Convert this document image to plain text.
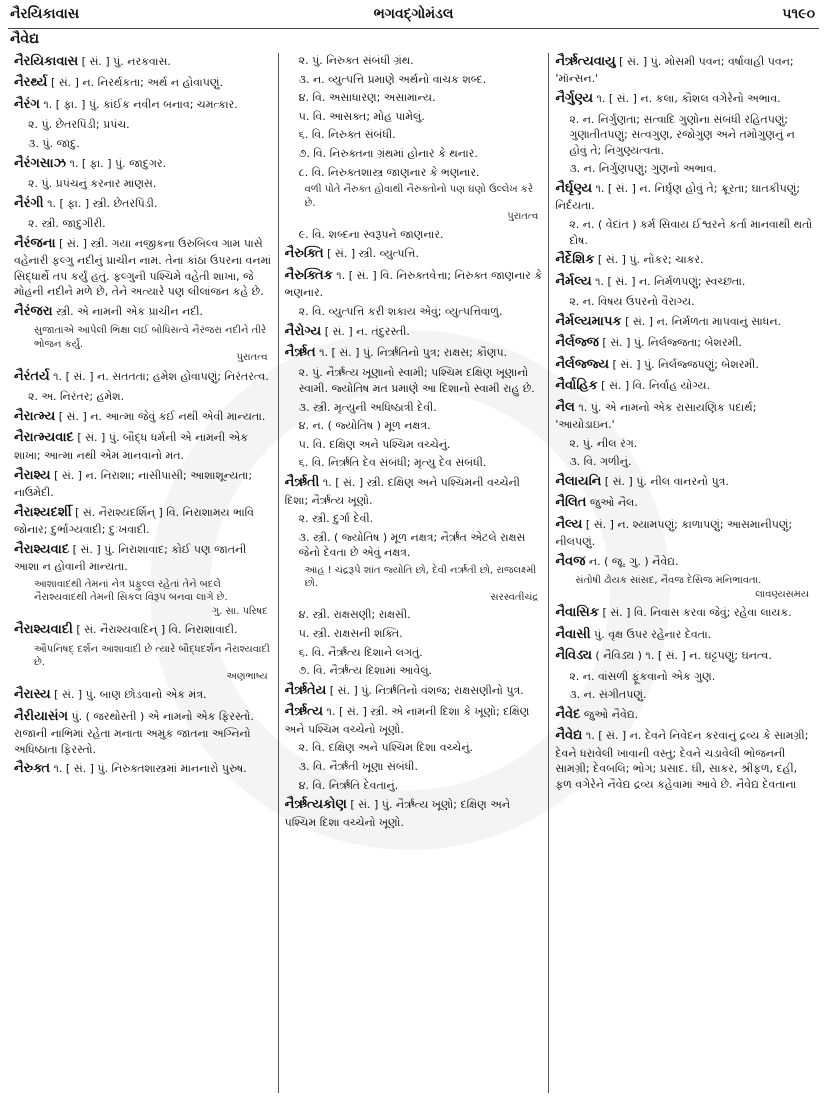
નૈરયિકાવાસ	ભગવદ્ગોમંડલ	૫૧૯૦
નૈવેદ્ય
નૈરયિકાવાસ [ સં. ] પું. નરકવાસ.
નૈરર્થ્ય [ સં. ] ન. નિરર્થકતા; અર્થ ન હોવાપણું.
નૈરંગ ૧. [ ફા. ] પું. કાંઈક નવીન બનાવ; ચમત્કાર.
૨. પું. છેતરપિંડી; પ્રપંચ.
૩. પું. જાદુ.
નૈરંગસાઝ ૧. [ ફા. ] પું. જાદુગર.
૨. પું. પ્રપંચનું કરનાર માણસ.
નૈરંગી ૧. [ ફા. ] સ્ત્રી. છેતરપિંડી.
૨. સ્ત્રી. જાદુગીરી.
નૈરંજના [ સં. ] સ્ત્રી. ગયા નજીકના ઉરુબિલ્વ ગામ પાસે વહેનારી ફલ્ગુ નદીનું પ્રાચીન નામ. તેના કાંઠા ઉપરના વનમાં સિદ્ધાર્થે તપ કર્યું હતું. ફલ્ગુની પશ્ચિમે વહેતી શાખા, જે મોહની નદીને મળે છે, તેને અત્યારે પણ લીલાંજન કહે છે.
નૈરંજરા સ્ત્રી. એ નામની એક પ્રાચીન નદી.
સુજાતાએ આપેલી ભિક્ષા લઈ બોધિસત્વે નૈરંજરા નદીને તીરે ભોજન કર્યું.
પુરાતત્વ
નૈરંતર્ય ૧. [ સં. ] ન. સતતતા; હમેશ હોવાપણું; નિરંતરત્વ.
૨. અ. નિરંતર; હમેશ.
નૈરાત્મ્ય [ સં. ] ન. આત્મા જેવું કંઈ નથી એવી માન્યતા.
નૈરાત્મ્યવાદ [ સં. ] પું. બૌદ્ધ ધર્મની એ નામની એક શાખા; આત્મા નથી એમ માનવાનો મત.
નૈરાશ્ય [ સં. ] ન. નિરાશા; નાસીપાસી; આશાશૂન્યતા; નાઉમેદી.
નૈરાશ્યદર્શી [ સં. નૈરાશ્યદર્શિન્ ] વિ. નિરાશામય ભાવિ જોનાર; દુર્ભાગ્યવાદી; દુઃખવાદી.
નૈરાશ્યવાદ [ સં. ] પું. નિરાશાવાદ; કોઈ પણ જાતની આશા ન હોવાની માન્યતા.
આશાવાદથી તેમનાં નેત્ર પ્રફુલ્લ રહેતાં તેને બદલે નૈરાશ્યવાદથી તેમની સિકલ વિરૂપ બનવા લાગે છે.
ગુ. સા. પરિષદ
નૈરાશ્યવાદી [ સં. નૈરાશ્યવાદિન્ ] વિ. નિરાશાવાદી.
ઔપનિષદ્ દર્શન આશાવાદી છે ત્યારે બૌદ્ધદર્શન નૈરાશ્યવાદી છે.
અણભાષ્ય
નૈરાસ્ય [ સં. ] પું. બાણ છોડવાનો એક મંત્ર.
નૈરીયાસંગ પું. ( જરથોસ્તી ) એ નામનો એક ફિરસ્તો. રાજાની નાભિમાં રહેતા મનાતા અમુક જાતના અગ્નિનો અધિષ્ઠાતા ફિરસ્તો.
નૈરુક્ત ૧. [ સં. ] પું. નિરુક્તશાસ્ત્રમાં માનનારો પુરુષ.
૨. પું. નિરુક્ત સંબંધી ગ્રંથ.
૩. ન. વ્યુત્પત્તિ પ્રમાણે અર્થનો વાચક શબ્દ.
૪. વિ. અસાધારણ; અસામાન્ય.
૫. વિ. આસક્ત; મોહ પામેલું.
૬. વિ. નિરુક્ત સંબંધી.
૭. વિ. નિરુક્તના ગ્રંથમાં હોનાર કે થનાર.
૮. વિ. નિરુક્તશાસ્ત્ર જાણનાર કે ભણનાર.
વળી પોતે નૈરુક્ત હોવાથી નૈરુક્તોનો પણ ઘણો ઉલ્લેખ કરે છે.
પુરાતત્વ
૯. વિ. શબ્દના સ્વરૂપને જાણનાર.
નૈરુક્તિ [ સં. ] સ્ત્રી. વ્યુત્પત્તિ.
નૈરુક્તિક ૧. [ સં. ] વિ. નિરુક્તવેત્તા; નિરુક્ત જાણનાર કે ભણનાર.
૨. વિ. વ્યુત્પત્તિ કરી શકાય એવું; વ્યુત્પત્તિવાળું.
નૈરોગ્ય [ સં. ] ન. તંદુરસ્તી.
નૈર્ઋત ૧. [ સં. ] પું. નિર્ઋતિનો પુત્ર; રાક્ષસ; કૌણપ.
૨. પું. નૈર્ઋત્ય ખૂણાનો સ્વામી; પશ્ચિમ દક્ષિણ ખૂણાનો સ્વામી. જ્યોતિષ મત પ્રમાણે આ દિશાનો સ્વામી રાહુ છે.
૩. સ્ત્રી. મૃત્યુની અધિષ્ઠાત્રી દેવી.
૪. ન. ( જ્યોતિષ ) મૂળ નક્ષત્ર.
૫. વિ. દક્ષિણ અને પશ્ચિમ વચ્ચેનું.
૬. વિ. નિર્ઋતિ દેવ સંબંધી; મૃત્યુ દેવ સંબંધી.
નૈર્ઋતી ૧. [ સં. ] સ્ત્રી. દક્ષિણ અને પશ્ચિમની વચ્ચેની દિશા; નૈર્ઋત્ય ખૂણો.
૨. સ્ત્રી. દુર્ગા દેવી.
૩. સ્ત્રી. ( જ્યોતિષ ) મૂળ નક્ષત્ર; નૈર્ઋત એટલે રાક્ષસ જેનો દેવતા છે એવું નક્ષત્ર.
આહ ! ચંદ્રરૂપે શાંત જ્યોતિ છો, દેવી નર્ઋતી છો, રાજલક્ષ્મી છો.
સરસ્વતીચંદ્ર
૪. સ્ત્રી. રાક્ષસણી; રાક્ષસી.
૫. સ્ત્રી. રાક્ષસની શક્તિ.
૬. વિ. નૈર્ઋત્ય દિશાને લગતું.
૭. વિ. નૈર્ઋત્ય દિશામાં આવેલું.
નૈર્ઋતેય [ સં. ] પું. નિર્ઋતિનો વંશજ; રાક્ષસણીનો પુત્ર.
નૈર્ઋત્ય ૧. [ સં. ] સ્ત્રી. એ નામની દિશા કે ખૂણો; દક્ષિણ અને પશ્ચિમ વચ્ચેનો ખૂણો.
૨. વિ. દક્ષિણ અને પશ્ચિમ દિશા વચ્ચેનું.
૩. વિ. નૈર્ઋતી ખૂણા સંબંધી.
૪. વિ. નિર્ઋતિ દેવતાનું.
નૈર્ઋત્યકોણ [ સં. ] પું. નૈર્ઋત્ય ખૂણો; દક્ષિણ અને પશ્ચિમ દિશા વચ્ચેનો ખૂણો.
નૈર્ઋત્યવાયુ [ સં. ] પું. મોસમી પવન; વર્ષાવાહી પવન; 'મૉન્સન.'
નૈર્ગુણ્ય ૧. [ સં. ] ન. કલા, કૌશલ વગેરેનો અભાવ.
૨. ન. નિર્ગુણતા; સત્વાદિ ગુણોના સંબંધી રહિતપણું; ગુણાતીતપણું; સત્વગુણ, રજોગુણ અને તમોગુણનું ન હોવું તે; નિગુણ્યત્વતા.
૩. ન. નિર્ગુણપણું; ગુણનો અભાવ.
નૈર્ઘૃણ્ય ૧. [ સં. ] ન. નિર્ઘૃણ હોવું તે; ક્રૂરતા; ઘાતકીપણું; નિર્દયતા.
૨. ન. ( વેદાંત ) કર્મ સિવાય ઈશ્વરને કર્તા માનવાથી થતો દોષ.
નૈર્દેશિક [ સં. ] પું. નોકર; ચાકર.
નૈર્મલ્ય ૧. [ સં. ] ન. નિર્મળપણું; સ્વચ્છતા.
૨. ન. વિષય ઉપરનો વૈરાગ્ય.
નૈર્મલ્યમાપક [ સં. ] ન. નિર્મળતા માપવાનું સાધન.
નૈર્લજ્જ [ સં. ] પું. નિર્લજ્જતા; બેશરમી.
નૈર્લજ્જ્ય [ સં. ] પું. નિર્લજ્જપણું; બેશરમી.
નૈર્વાહિક [ સં. ] વિ. નિર્વાહ યોગ્ય.
નૈલ ૧. પું. એ નામનો એક રાસાયણિક પદાર્થ; 'આયોડાઇન.'
૨. પું. નીલ રંગ.
૩. વિ. ગળીનું.
નૈલાયનિ [ સં. ] પું. નીલ વાનરનો પુત્ર.
નૈલિત જુઓ નૈલ.
નૈલ્ય [ સં. ] ન. શ્યામપણું; કાળાપણું; આસમાનીપણું; નીલપણું.
નૈવજ ન. ( જૂ. ગુ. ) નૈવેદ્ય.
સંતોષી ઢોયક સાંસદ, નૈવજ દેસિજ મનિભાવતા.
લાવણ્યસમય
નૈવાસિક [ સં. ] વિ. નિવાસ કરવા જેવું; રહેવા લાયક.
નૈવાસી પું. વૃક્ષ ઉપર રહેનાર દેવતા.
નૈવિડ્ય ( નૈવિડ્ય ) ૧. [ સં. ] ન. ઘટ્ટપણું; ઘનત્વ.
૨. ન. વાંસળી ફૂંકવાનો એક ગુણ.
૩. ન. સંગીતપણું.
નૈવેદ જુઓ નૈવેદ્ય.
નૈવેદ્ય ૧. [ સં. ] ન. દેવને નિવેદન કરવાનું દ્રવ્ય કે સામગ્રી; દેવને ધરાવેલી ખાવાની વસ્તુ; દેવને ચડાવેલી ભોજનની સામગ્રી; દેવબલિ; ભોગ; પ્રસાદ. ઘી, સાકર, શ્રીફળ, દહીં, ફળ વગેરેને નૈવેદ્ય દ્રવ્ય કહેવામાં આવે છે. નૈવેદ્ય દેવતાના
